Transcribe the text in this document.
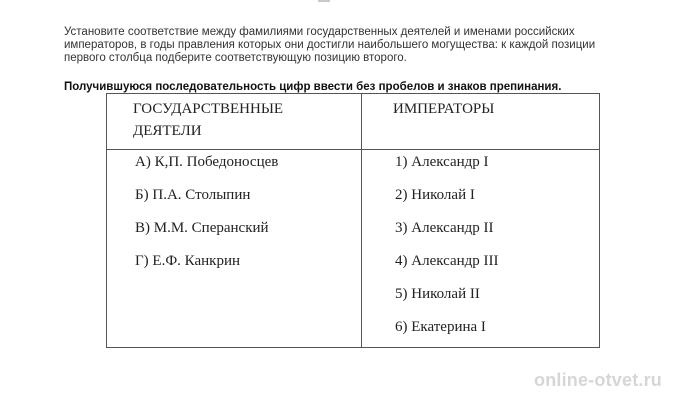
Установите соответствие между фамилиями государственных деятелей и именами российских императоров, в годы правления которых они достигли наибольшего могущества: к каждой позиции первого столбца подберите соответствующую позицию второго.
Получившуюся последовательность цифр ввести без пробелов и знаков препинания.
ГОСУДАРСТВЕННЫЕ ДЕЯТЕЛИ
ИМПЕРАТОРЫ
А) К,П. Победоносцев
Б) П.А. Столыпин
В) М.М. Сперанский
Г) Е.Ф. Канкрин
1) Александр I
2) Николай I
3) Александр II
4) Александр III
5) Николай II
6) Екатерина I
online-otvet.ru
